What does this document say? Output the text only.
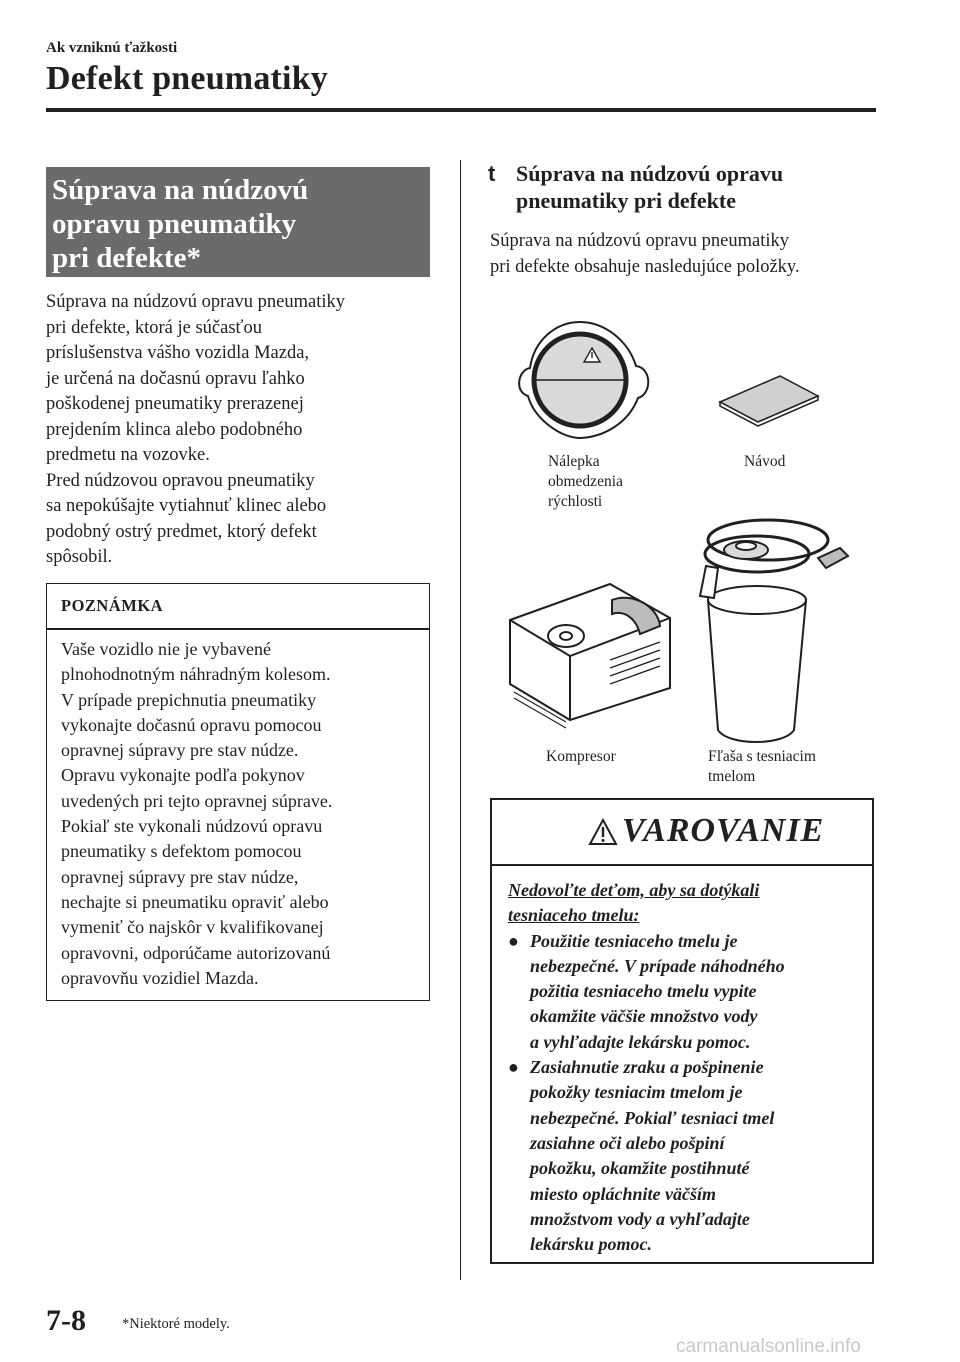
Ak vzniknú ťažkosti
Defekt pneumatiky
Súprava na núdzovú
opravu pneumatiky
pri defekte*
Súprava na núdzovú opravu pneumatiky
pri defekte, ktorá je súčasťou
príslušenstva vášho vozidla Mazda,
je určená na dočasnú opravu ľahko
poškodenej pneumatiky prerazenej
prejdením klinca alebo podobného
predmetu na vozovke.
Pred núdzovou opravou pneumatiky
sa nepokúšajte vytiahnuť klinec alebo
podobný ostrý predmet, ktorý defekt
spôsobil.
POZNÁMKA
Vaše vozidlo nie je vybavené
plnohodnotným náhradným kolesom.
V prípade prepichnutia pneumatiky
vykonajte dočasnú opravu pomocou
opravnej súpravy pre stav núdze.
Opravu vykonajte podľa pokynov
uvedených pri tejto opravnej súprave.
Pokiaľ ste vykonali núdzovú opravu
pneumatiky s defektom pomocou
opravnej súpravy pre stav núdze,
nechajte si pneumatiku opraviť alebo
vymeniť čo najskôr v kvalifikovanej
opravovni, odporúčame autorizovanú
opravovňu vozidiel Mazda.
t Súprava na núdzovú opravu
pneumatiky pri defekte
Súprava na núdzovú opravu pneumatiky
pri defekte obsahuje nasledujúce položky.
Nálepka
obmedzenia
rýchlosti
Návod
Kompresor	Fľaša s tesniacim
tmelom
VAROVANIE
Nedovoľte deťom, aby sa dotýkali
tesniaceho tmelu:
● Použitie tesniaceho tmelu je
nebezpečné. V prípade náhodného
požitia tesniaceho tmelu vypite
okamžite väčšie množstvo vody
a vyhľadajte lekársku pomoc.
● Zasiahnutie zraku a pošpinenie
pokožky tesniacim tmelom je
nebezpečné. Pokiaľ tesniaci tmel
zasiahne oči alebo pošpiní
pokožku, okamžite postihnuté
miesto opláchnite väčším
množstvom vody a vyhľadajte
lekársku pomoc.
7-8 *Niektoré modely.
carmanualsonline.info
